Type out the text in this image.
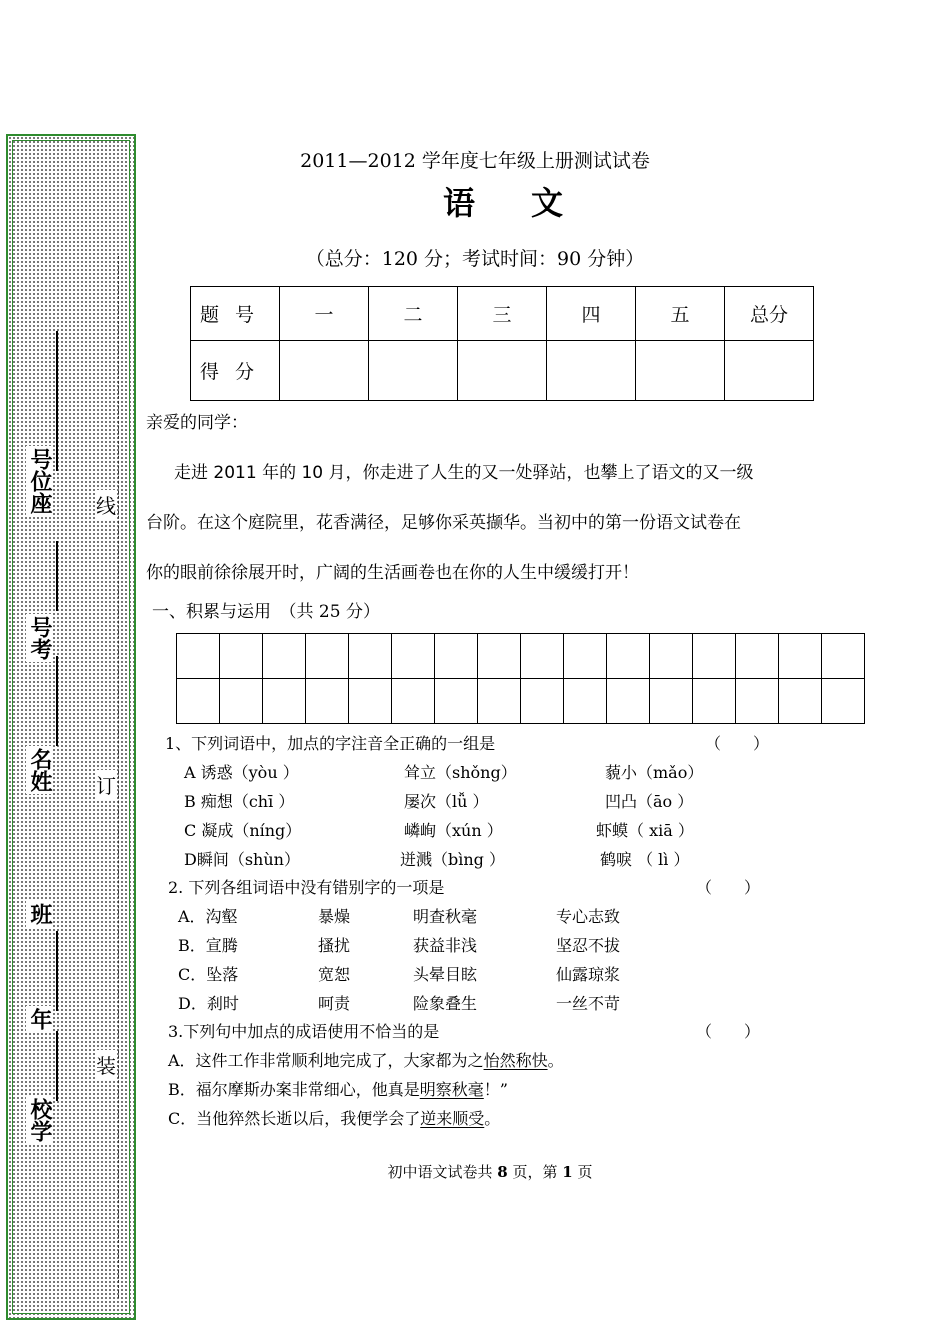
号位座
号考
名姓
班
年
校学
线
订
装
2011—2012 学年度七年级上册测试试卷
语文
（总分：120 分；考试时间：90 分钟）
题号	一	二	三	四	五	总分
得分						
亲爱的同学：
走进 2011 年的 10 月，你走进了人生的又一处驿站，也攀上了语文的又一级
台阶。在这个庭院里，花香满径，足够你采英撷华。当初中的第一份语文试卷在
你的眼前徐徐展开时，广阔的生活画卷也在你的人生中缓缓打开！
一、积累与运用　（共 25 分）

1、下列词语中，加点的字注音全正确的一组是	（　　）
A 诱惑（yòu ）	耸立（shǒng）	藐小（mǎo）
B 痴想（chī ）	屡次（lǚ ）	凹凸（āo ）
C 凝成（níng）	嶙峋（xún ）	虾蟆（ xiā ）
D瞬间（shùn）	迸溅（bìng ）	鹤唳 （ lì ）
2. 下列各组词语中没有错别字的一项是	（　　）
A．沟壑	暴燥	明查秋毫	专心志致
B．宣腾	搔扰	获益非浅	坚忍不拔
C．坠落	宽恕	头晕目眩	仙露琼浆
D．刹时	呵责	险象叠生	一丝不苛
3.下列句中加点的成语使用不恰当的是	（　　）
A．这件工作非常顺利地完成了，大家都为之怡然称快。
B．福尔摩斯办案非常细心，他真是明察秋毫！”
C．当他猝然长逝以后，我便学会了逆来顺受。
初中语文试卷共 8 页，第 1 页
